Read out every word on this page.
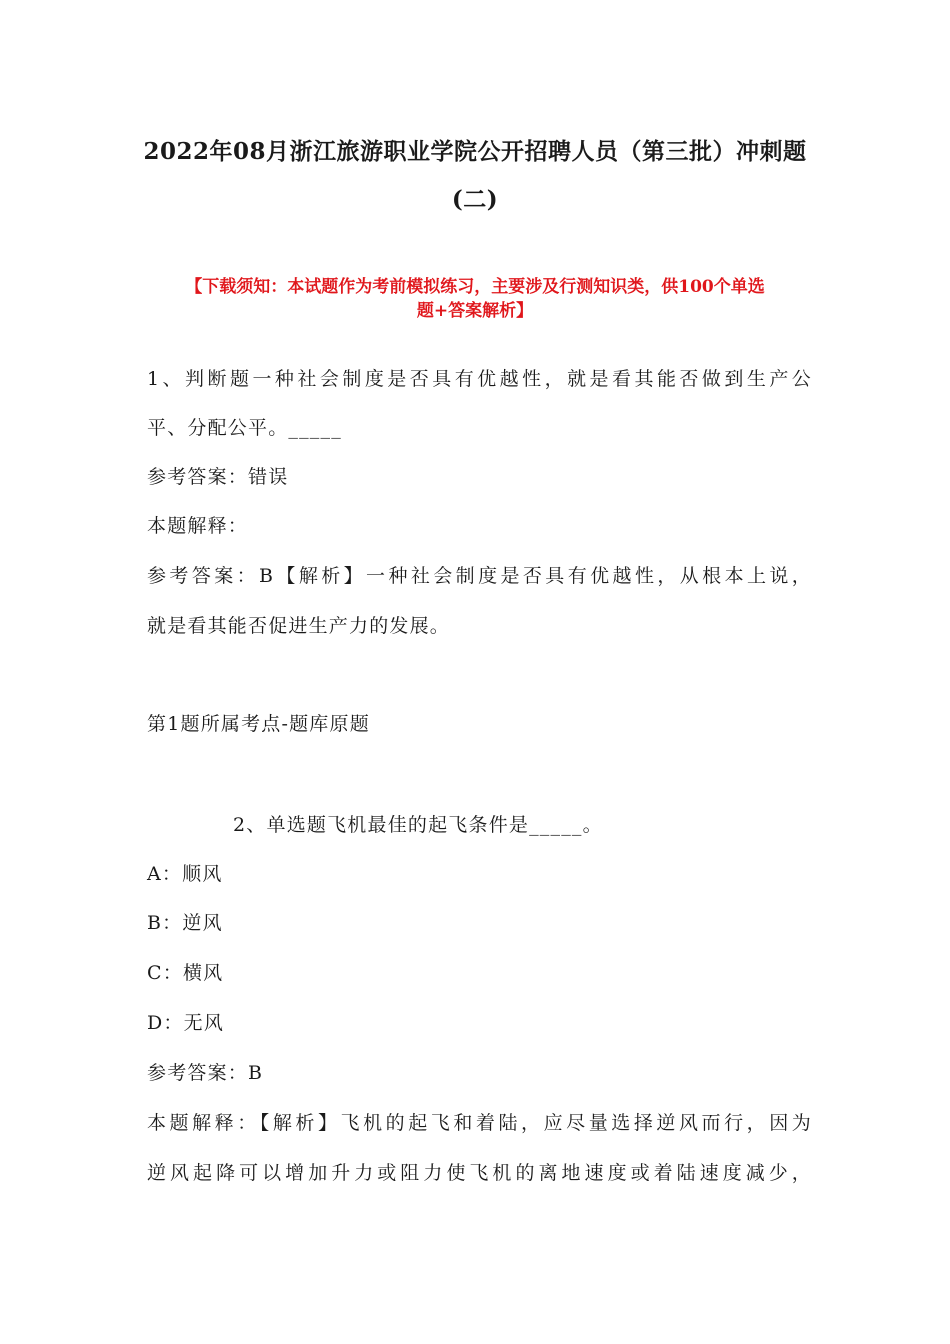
2022年08月浙江旅游职业学院公开招聘人员（第三批）冲刺题
(二)
【下载须知：本试题作为考前模拟练习，主要涉及行测知识类，供100个单选
题+答案解析】
1、判断题一种社会制度是否具有优越性，就是看其能否做到生产公
平、分配公平。_____
参考答案：错误
本题解释：
参考答案：B【解析】一种社会制度是否具有优越性，从根本上说，
就是看其能否促进生产力的发展。
第1题所属考点-题库原题
2、单选题飞机最佳的起飞条件是_____。
A：顺风
B：逆风
C：横风
D：无风
参考答案：B
本题解释：【解析】飞机的起飞和着陆，应尽量选择逆风而行，因为
逆风起降可以增加升力或阻力使飞机的离地速度或着陆速度减少，
